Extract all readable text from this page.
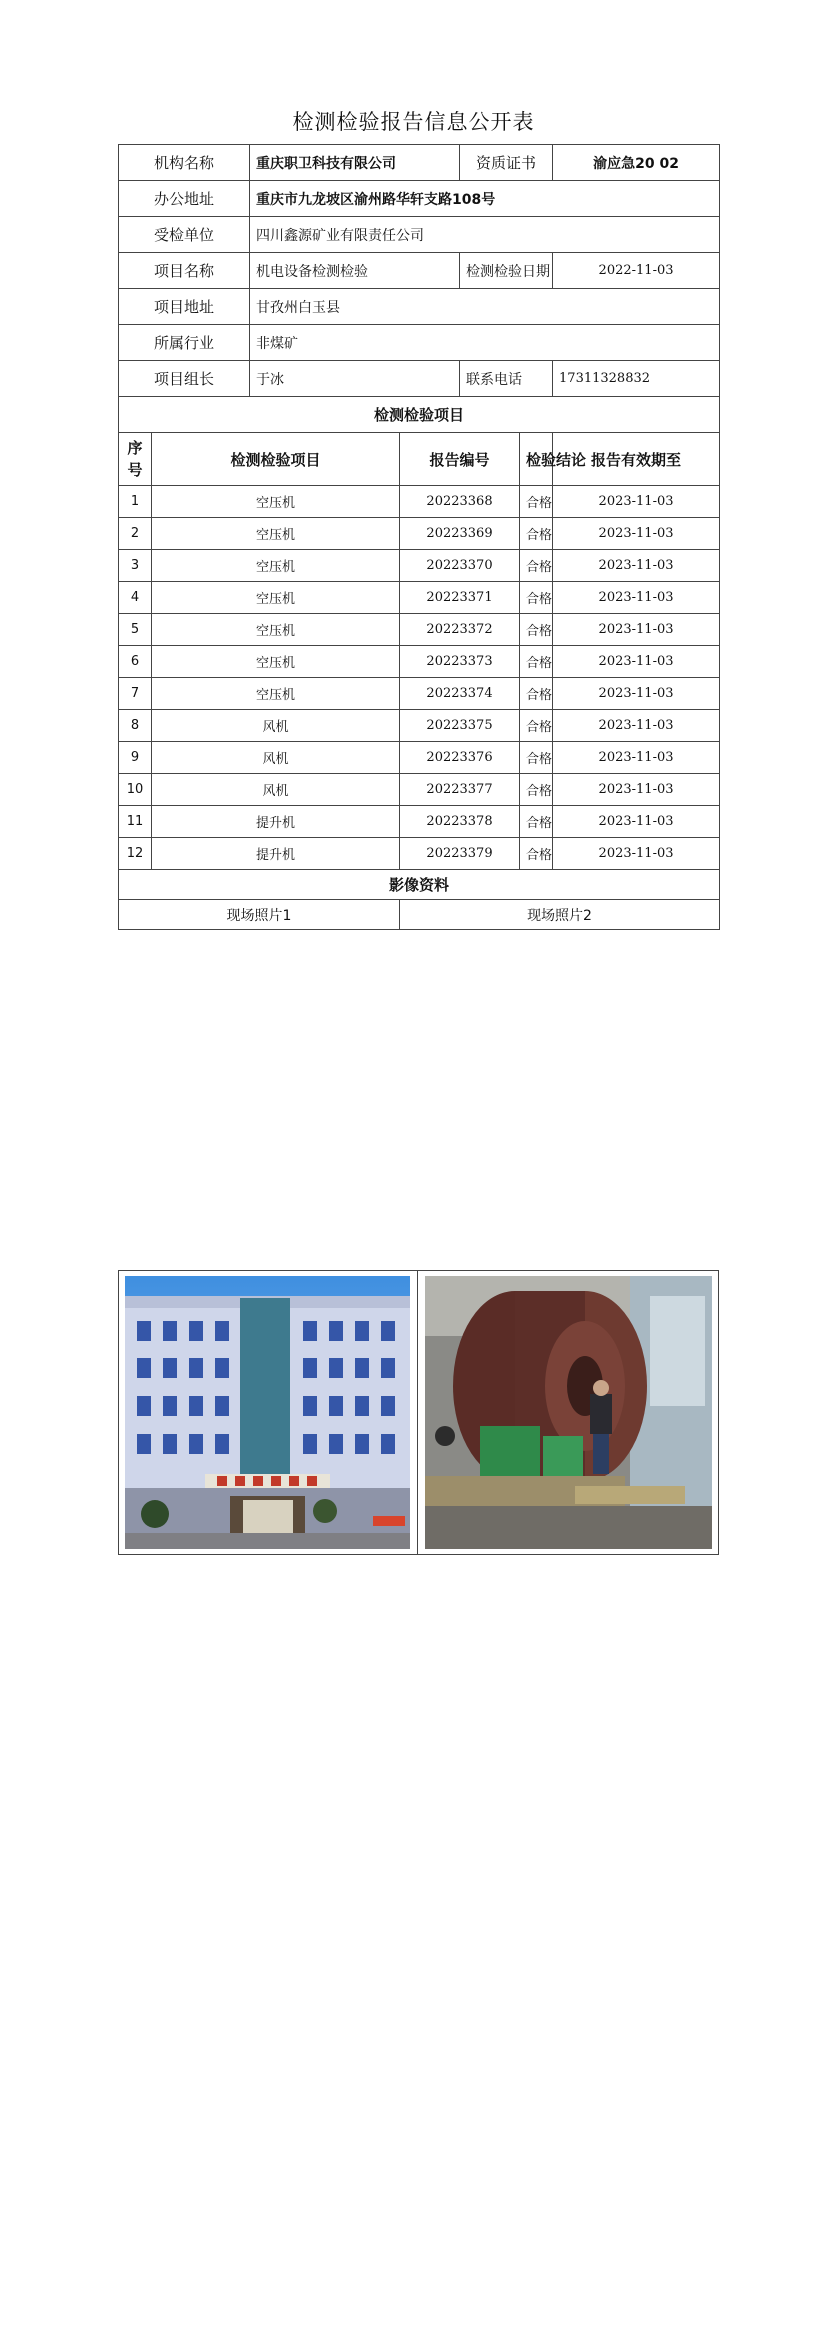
检测检验报告信息公开表
机构名称		重庆职卫科技有限公司		资质证书		渝应急20 02
办公地址		重庆市九龙坡区渝州路华轩支路108号				
受检单位		四川鑫源矿业有限责任公司				
项目名称		机电设备检测检验		检测检验日期		2022-11-03
项目地址		甘孜州白玉县				
所属行业		非煤矿				
项目组长		于冰		联系电话		17311328832
检测检验项目						
序
号	检测检验项目		报告编号		检验结论	报告有效期至
1	空压机		20223368		合格	2023-11-03
2	空压机		20223369		合格	2023-11-03
3	空压机		20223370		合格	2023-11-03
4	空压机		20223371		合格	2023-11-03
5	空压机		20223372		合格	2023-11-03
6	空压机		20223373		合格	2023-11-03
7	空压机		20223374		合格	2023-11-03
8	风机		20223375		合格	2023-11-03
9	风机		20223376		合格	2023-11-03
10	风机		20223377		合格	2023-11-03
11	提升机		20223378		合格	2023-11-03
12	提升机		20223379		合格	2023-11-03
影像资料						
现场照片1			现场照片2			
